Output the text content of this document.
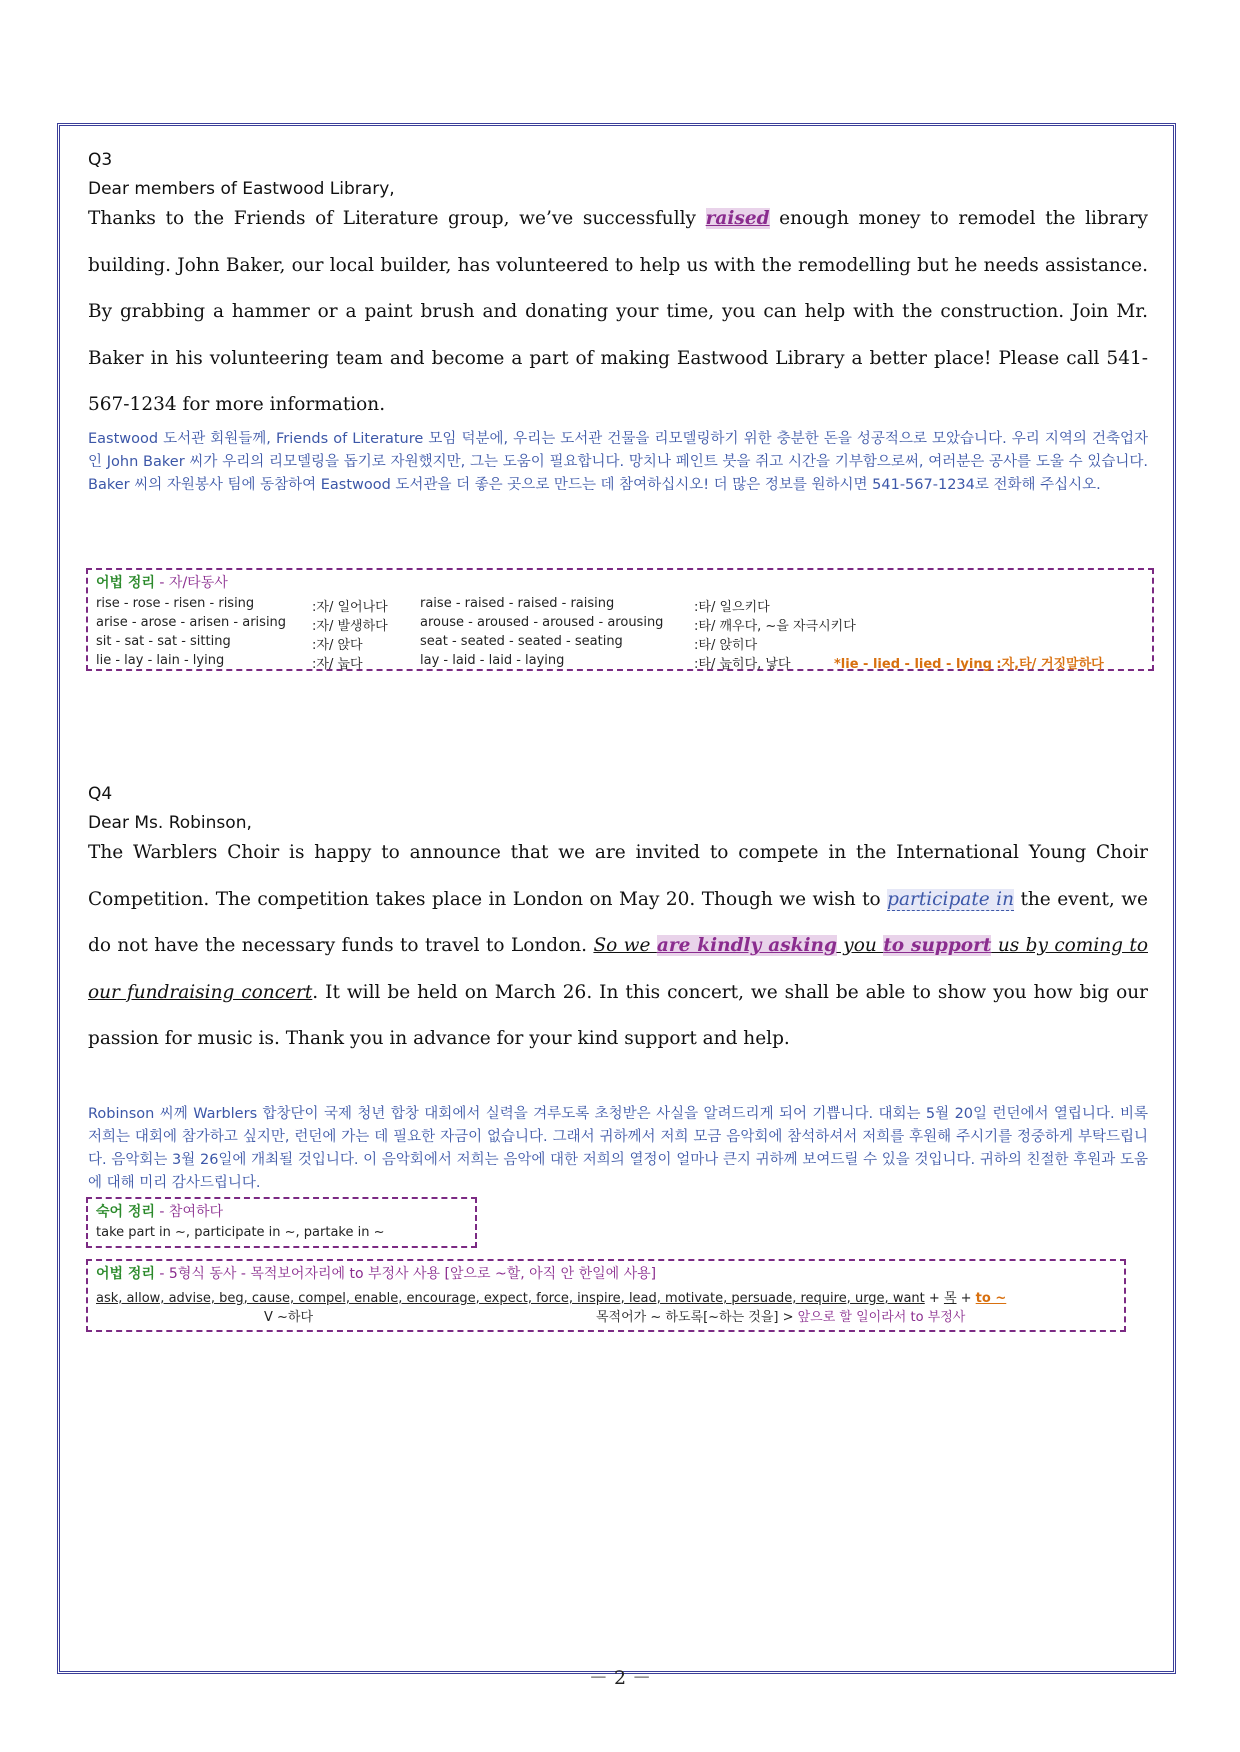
Q3
Dear members of Eastwood Library,

Thanks to the Friends of Literature group, we’ve successfully raised enough money to remodel the library building. John Baker, our local builder, has volunteered to help us with the remodelling but he needs assistance. By grabbing a hammer or a paint brush and donating your time, you can help with the construction. Join Mr. Baker in his volunteering team and become a part of making Eastwood Library a better place! Please call 541-567-1234 for more information.

Eastwood 도서관 회원들께, Friends of Literature 모임 덕분에, 우리는 도서관 건물을 리모델링하기 위한 충분한 돈을 성공적으로 모았습니다. 우리 지역의 건축업자인 John Baker 씨가 우리의 리모델링을 돕기로 자원했지만, 그는 도움이 필요합니다. 망치나 페인트 붓을 쥐고 시간을 기부함으로써, 여러분은 공사를 도울 수 있습니다. Baker 씨의 자원봉사 팀에 동참하여 Eastwood 도서관을 더 좋은 곳으로 만드는 데 참여하십시오! 더 많은 정보를 원하시면 541-567-1234로 전화해 주십시오.

어법 정리 - 자/타동사
rise - rose - risen - rising	:자/ 일어나다 raise - raised - raised - raising	:타/ 일으키다
arise - arose - arisen - arising :자/ 발생하다 arouse - aroused - aroused - arousing :타/ 깨우다, ~을 자극시키다
sit - sat - sat - sitting	:자/ 앉다	seat - seated - seated - seating	:타/ 앉히다
lie - lay - lain - lying	:자/ 눕다	lay - laid - laid - laying	:타/ 눕히다, 낳다	*lie - lied - lied - lying :자,타/ 거짓말하다
Q4
Dear Ms. Robinson,

The Warblers Choir is happy to announce that we are invited to compete in the International Young Choir Competition. The competition takes place in London on May 20. Though we wish to participate in the event, we do not have the necessary funds to travel to London. So we are kindly asking you to support us by coming to our fundraising concert. It will be held on March 26. In this concert, we shall be able to show you how big our passion for music is. Thank you in advance for your kind support and help.

Robinson 씨께 Warblers 합창단이 국제 청년 합창 대회에서 실력을 겨루도록 초청받은 사실을 알려드리게 되어 기쁩니다. 대회는 5월 20일 런던에서 열립니다. 비록 저희는 대회에 참가하고 싶지만, 런던에 가는 데 필요한 자금이 없습니다. 그래서 귀하께서 저희 모금 음악회에 참석하셔서 저희를 후원해 주시기를 정중하게 부탁드립니다. 음악회는 3월 26일에 개최될 것입니다. 이 음악회에서 저희는 음악에 대한 저희의 열정이 얼마나 큰지 귀하께 보여드릴 수 있을 것입니다. 귀하의 친절한 후원과 도움에 대해 미리 감사드립니다.

숙어 정리 - 참여하다
take part in ~, participate in ~, partake in ~
어법 정리 - 5형식 동사 - 목적보어자리에 to 부정사 사용 [앞으로 ~할, 아직 안 한일에 사용]
ask, allow, advise, beg, cause, compel, enable, encourage, expect, force, inspire, lead, motivate, persuade, require, urge, want + 목 + to ~
V ~하다	목적어가 ~ 하도록[~하는 것을] > 앞으로 할 일이라서 to 부정사
－ 2 －
